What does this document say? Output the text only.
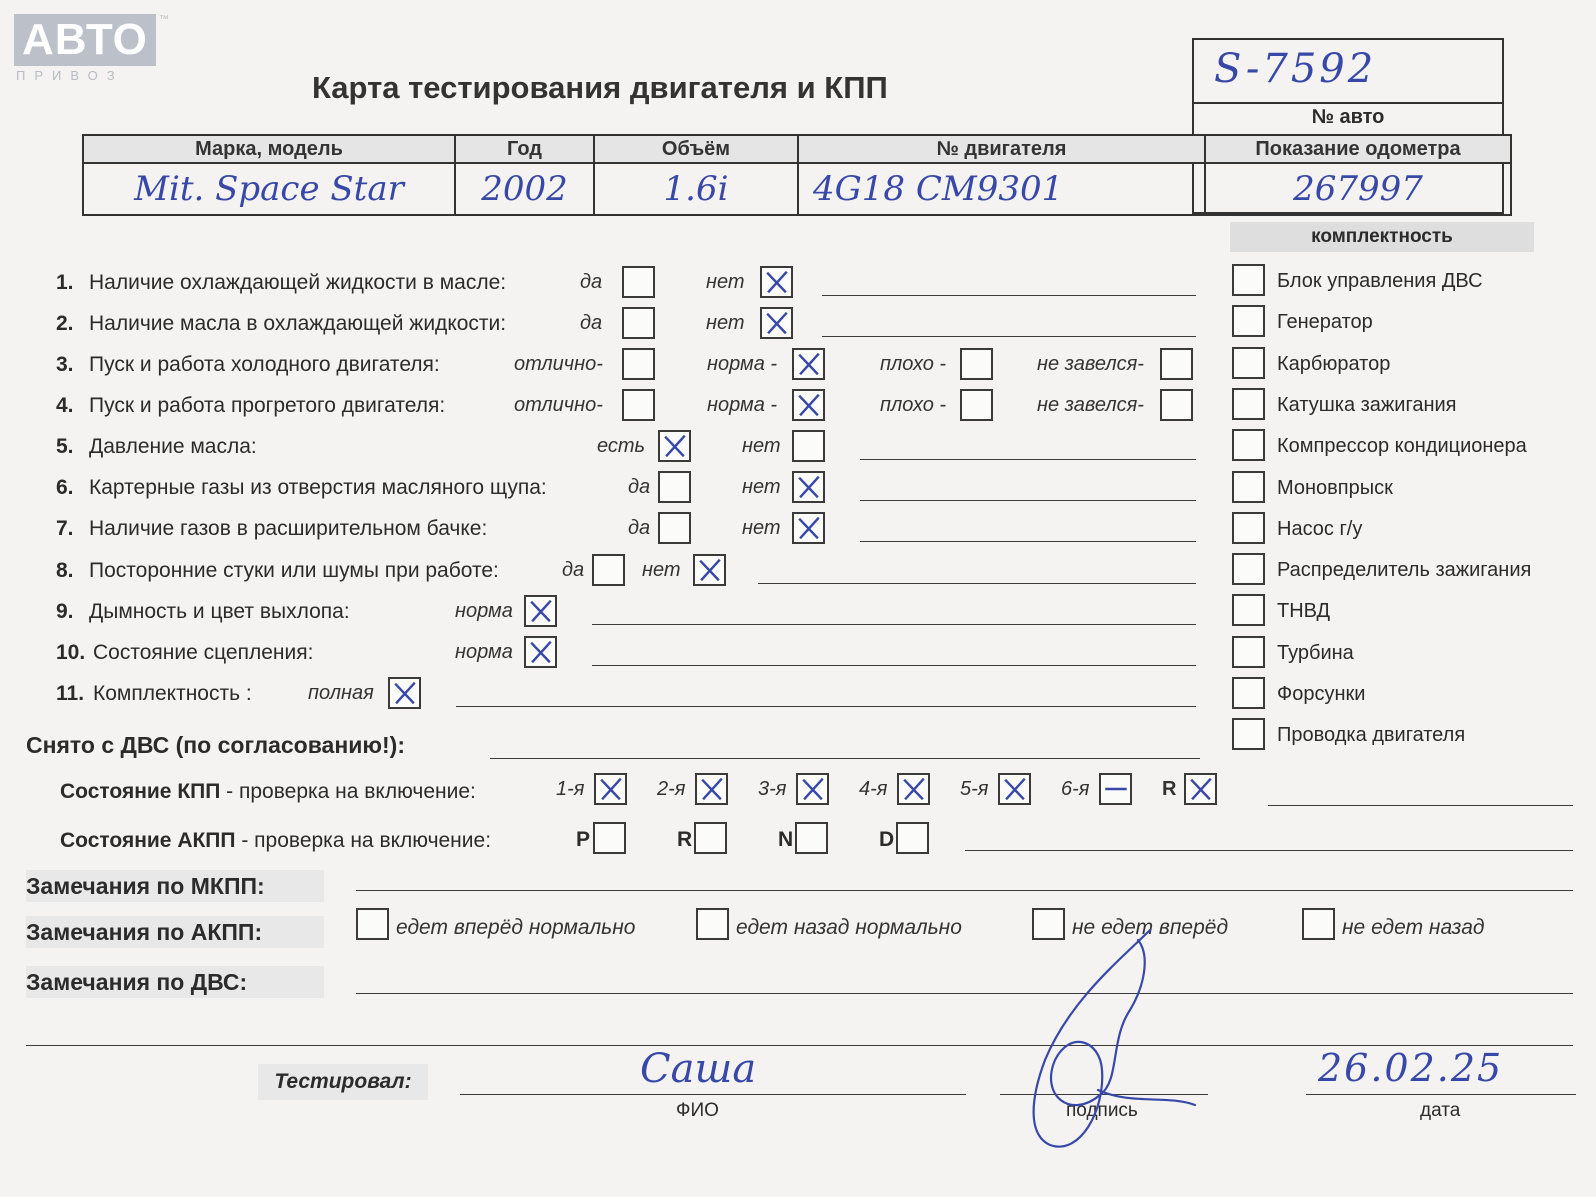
АВТО	™
ПРИВОЗ	Карта тестирования двигателя и КПП	S-7592
№ авто
Марка, модель	Год	Объём	№ двигателя	Показание одометра
Mit. Space Star	2002	1.6i	4G18 CM9301	267997
комплектность
1. Наличие охлаждающей жидкости в масле:	да	нет
2. Наличие масла в охлаждающей жидкости:	да	нет
3. Пуск и работа холодного двигателя:	отлично-	норма -	плохо -	не завелся-
4. Пуск и работа прогретого двигателя:	отлично-	норма -	плохо -	не завелся-
5. Давление масла:	есть	нет
6. Картерные газы из отверстия масляного щупа:	да	нет
7. Наличие газов в расширительном бачке:	да	нет
8. Посторонние стуки или шумы при работе:	да	нет
9. Дымность и цвет выхлопа:	норма
10. Состояние сцепления:	норма
11. Комплектность :	полная
Блок управления ДВС
Генератор
Карбюратор
Катушка зажигания
Компрессор кондиционера
Моновпрыск
Насос г/у
Распределитель зажигания
ТНВД
Турбина
Форсунки
Проводка двигателя
1-я	2-я	3-я	4-я	5-я	6-я	R
P	R	N	D
едет вперёд нормально	едет назад нормально	не едет вперёд	не едет назад
Снято с ДВС (по согласованию!):
Состояние КПП - проверка на включение:
Состояние АКПП - проверка на включение:
Замечания по МКПП:
Замечания по АКПП:
Замечания по ДВС:
Тестировал:	Саша
ФИО	подпись
26.02.25
дата
